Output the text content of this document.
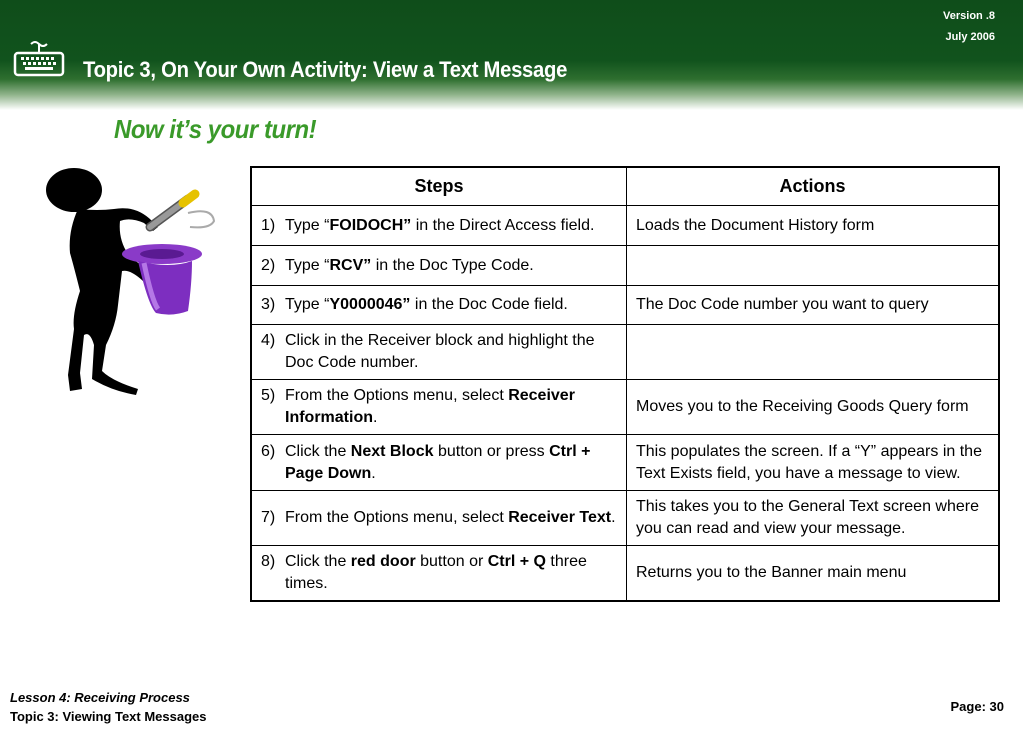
Version .8
July 2006
Topic 3, On Your Own Activity: View a Text Message
Now it’s your turn!
Steps	Actions

1) Type “FOIDOCH” in the Direct Access field.	Loads the Document History form

2) Type “RCV” in the Doc Type Code.	

3) Type “Y0000046” in the Doc Code field.	The Doc Code number you want to query

4) Click in the Receiver block and highlight the Doc Code number.	

5) From the Options menu, select Receiver Information.	Moves you to the Receiving Goods Query form

6) Click the Next Block button or press Ctrl + Page Down.	This populates the screen. If a “Y” appears in the Text Exists field, you have a message to view.

7) From the Options menu, select Receiver Text.	This takes you to the General Text screen where you can read and view your message.

8) Click the red door button or Ctrl + Q three times.	Returns you to the Banner main menu
Lesson 4: Receiving Process
Topic 3: Viewing Text Messages
Page: 30
